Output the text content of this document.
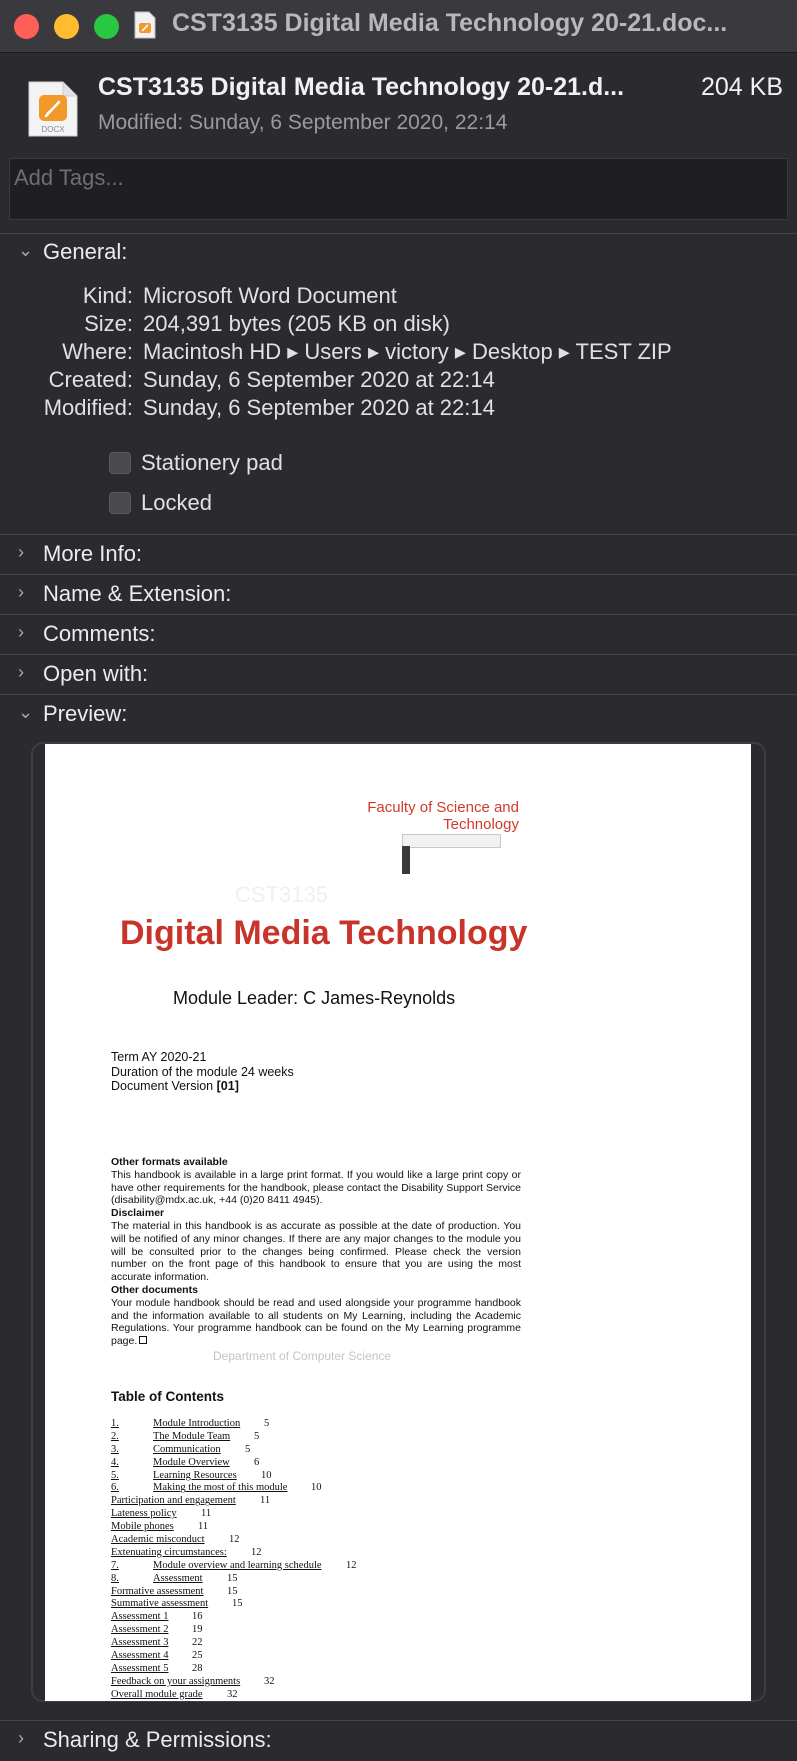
CST3135 Digital Media Technology 20-21.doc...
DOCX
CST3135 Digital Media Technology 20-21.d...	204 KB
Modified: Sunday, 6 September 2020, 22:14
Add Tags...
⌄ General:
Kind: Microsoft Word Document
Size: 204,391 bytes (205 KB on disk)
Where: Macintosh HD ▸ Users ▸ victory ▸ Desktop ▸ TEST ZIP
Created: Sunday, 6 September 2020 at 22:14
Modified: Sunday, 6 September 2020 at 22:14
Stationery pad
Locked
› More Info:
› Name & Extension:
› Comments:
› Open with:
⌄ Preview:
Faculty of Science and Technology
CST3135
Digital Media Technology
Module Leader: C James-Reynolds
Term AY 2020-21
Duration of the module 24 weeks
Document Version [01]
Other formats available
This handbook is available in a large print format. If you would like a large print copy or have other requirements for the handbook, please contact the Disability Support Service (disability@mdx.ac.uk, +44 (0)20 8411 4945).
Disclaimer
The material in this handbook is as accurate as possible at the date of production. You will be notified of any minor changes. If there are any major changes to the module you will be consulted prior to the changes being confirmed. Please check the version number on the front page of this handbook to ensure that you are using the most accurate information.
Other documents
Your module handbook should be read and used alongside your programme handbook and the information available to all students on My Learning, including the Academic Regulations. Your programme handbook can be found on the My Learning programme page.
Department of Computer Science
Table of Contents
1.	Module Introduction 5
2.	The Module Team 5
3.	Communication 5
4.	Module Overview 6
5.	Learning Resources 10
6.	Making the most of this module 10
Participation and engagement 11
Lateness policy 11
Mobile phones 11
Academic misconduct 12
Extenuating circumstances: 12
7.	Module overview and learning schedule 12
8.	Assessment 15
Formative assessment 15
Summative assessment 15
Assessment 1 16
Assessment 2 19
Assessment 3 22
Assessment 4 25
Assessment 5 28
Feedback on your assignments 32
Overall module grade 32
› Sharing & Permissions:
